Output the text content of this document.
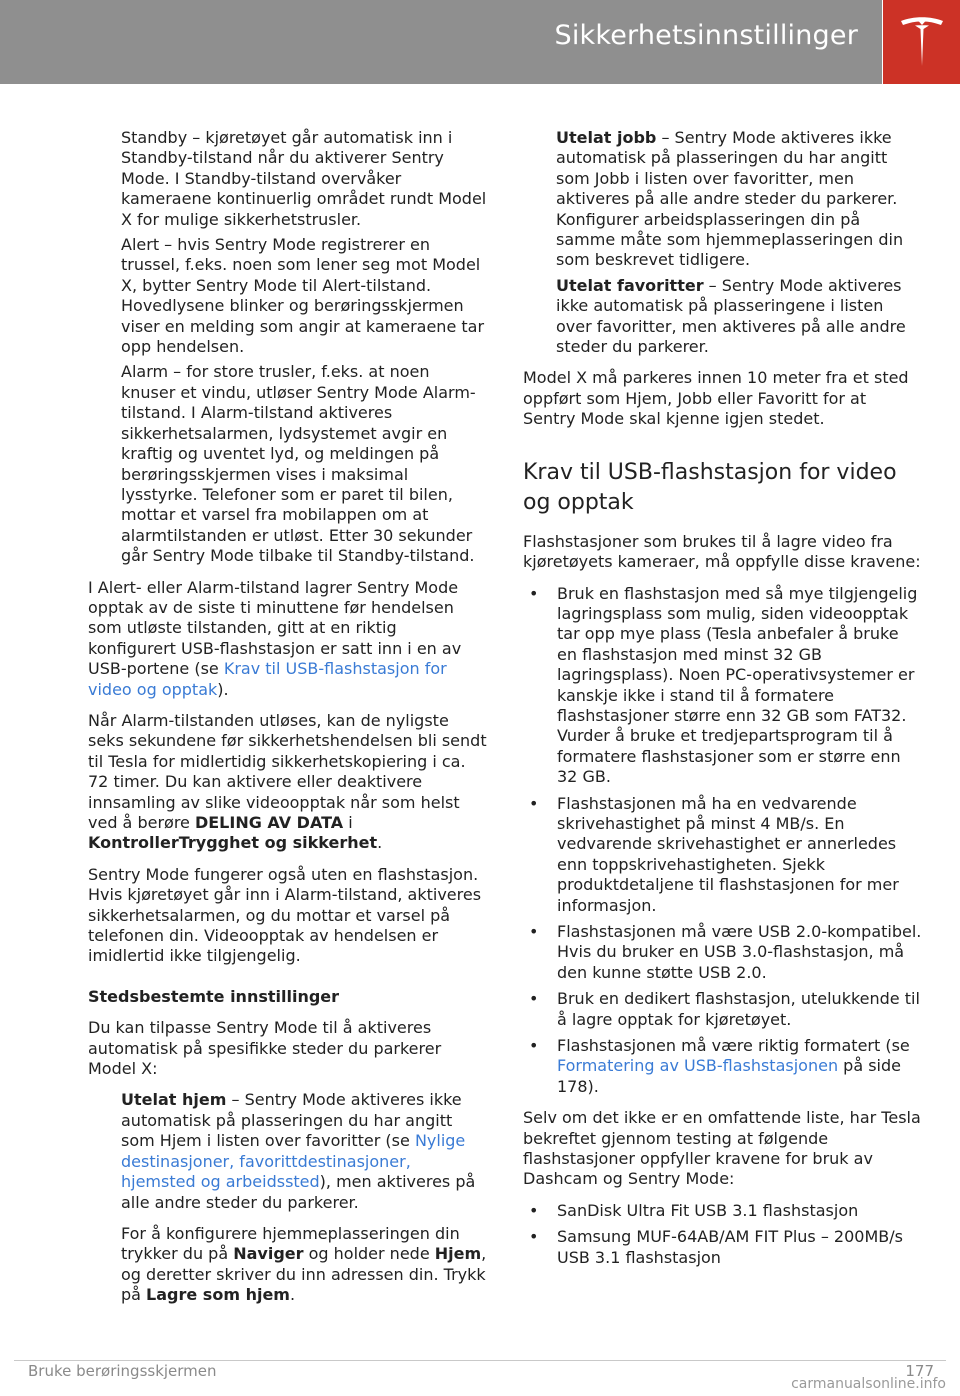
Sikkerhetsinnstillinger

Standby – kjøretøyet går automatisk inn i Standby-tilstand når du aktiverer Sentry Mode. I Standby-tilstand overvåker kameraene kontinuerlig området rundt Model X for mulige sikkerhetstrusler.

Alert – hvis Sentry Mode registrerer en trussel, f.eks. noen som lener seg mot Model X, bytter Sentry Mode til Alert-tilstand. Hovedlysene blinker og berøringsskjermen viser en melding som angir at kameraene tar opp hendelsen.

Alarm – for store trusler, f.eks. at noen knuser et vindu, utløser Sentry Mode Alarm-tilstand. I Alarm-tilstand aktiveres sikkerhetsalarmen, lydsystemet avgir en kraftig og uventet lyd, og meldingen på berøringsskjermen vises i maksimal lysstyrke. Telefoner som er paret til bilen, mottar et varsel fra mobilappen om at alarmtilstanden er utløst. Etter 30 sekunder går Sentry Mode tilbake til Standby-tilstand.

I Alert- eller Alarm-tilstand lagrer Sentry Mode opptak av de siste ti minuttene før hendelsen som utløste tilstanden, gitt at en riktig konfigurert USB-flashstasjon er satt inn i en av USB-portene (se Krav til USB-flashstasjon for video og opptak).

Når Alarm-tilstanden utløses, kan de nyligste seks sekundene før sikkerhetshendelsen bli sendt til Tesla for midlertidig sikkerhetskopiering i ca. 72 timer. Du kan aktivere eller deaktivere innsamling av slike videoopptak når som helst ved å berøre DELING AV DATA i KontrollerTrygghet og sikkerhet.

Sentry Mode fungerer også uten en flashstasjon. Hvis kjøretøyet går inn i Alarm-tilstand, aktiveres sikkerhetsalarmen, og du mottar et varsel på telefonen din. Videoopptak av hendelsen er imidlertid ikke tilgjengelig.

Stedsbestemte innstillinger

Du kan tilpasse Sentry Mode til å aktiveres automatisk på spesifikke steder du parkerer Model X:

Utelat hjem – Sentry Mode aktiveres ikke automatisk på plasseringen du har angitt som Hjem i listen over favoritter (se Nylige destinasjoner, favorittdestinasjoner, hjemsted og arbeidssted), men aktiveres på alle andre steder du parkerer.

For å konfigurere hjemmeplasseringen din trykker du på Naviger og holder nede Hjem, og deretter skriver du inn adressen din. Trykk på Lagre som hjem.

Utelat jobb – Sentry Mode aktiveres ikke automatisk på plasseringen du har angitt som Jobb i listen over favoritter, men aktiveres på alle andre steder du parkerer. Konfigurer arbeidsplasseringen din på samme måte som hjemmeplasseringen din som beskrevet tidligere.

Utelat favoritter – Sentry Mode aktiveres ikke automatisk på plasseringene i listen over favoritter, men aktiveres på alle andre steder du parkerer.

Model X må parkeres innen 10 meter fra et sted oppført som Hjem, Jobb eller Favoritt for at Sentry Mode skal kjenne igjen stedet.

Krav til USB-flashstasjon for video og opptak

Flashstasjoner som brukes til å lagre video fra kjøretøyets kameraer, må oppfylle disse kravene:

• Bruk en flashstasjon med så mye tilgjengelig lagringsplass som mulig, siden videoopptak tar opp mye plass (Tesla anbefaler å bruke en flashstasjon med minst 32 GB lagringsplass). Noen PC-operativsystemer er kanskje ikke i stand til å formatere flashstasjoner større enn 32 GB som FAT32. Vurder å bruke et tredjepartsprogram til å formatere flashstasjoner som er større enn 32 GB.
• Flashstasjonen må ha en vedvarende skrivehastighet på minst 4 MB/s. En vedvarende skrivehastighet er annerledes enn toppskrivehastigheten. Sjekk produktdetaljene til flashstasjonen for mer informasjon.
• Flashstasjonen må være USB 2.0-kompatibel. Hvis du bruker en USB 3.0-flashstasjon, må den kunne støtte USB 2.0.
• Bruk en dedikert flashstasjon, utelukkende til å lagre opptak for kjøretøyet.
• Flashstasjonen må være riktig formatert (se Formatering av USB-flashstasjonen på side 178).

Selv om det ikke er en omfattende liste, har Tesla bekreftet gjennom testing at følgende flashstasjoner oppfyller kravene for bruk av Dashcam og Sentry Mode:

• SanDisk Ultra Fit USB 3.1 flashstasjon
• Samsung MUF-64AB/AM FIT Plus – 200MB/s USB 3.1 flashstasjon
Bruke berøringsskjermen	177
carmanualsonline.info
